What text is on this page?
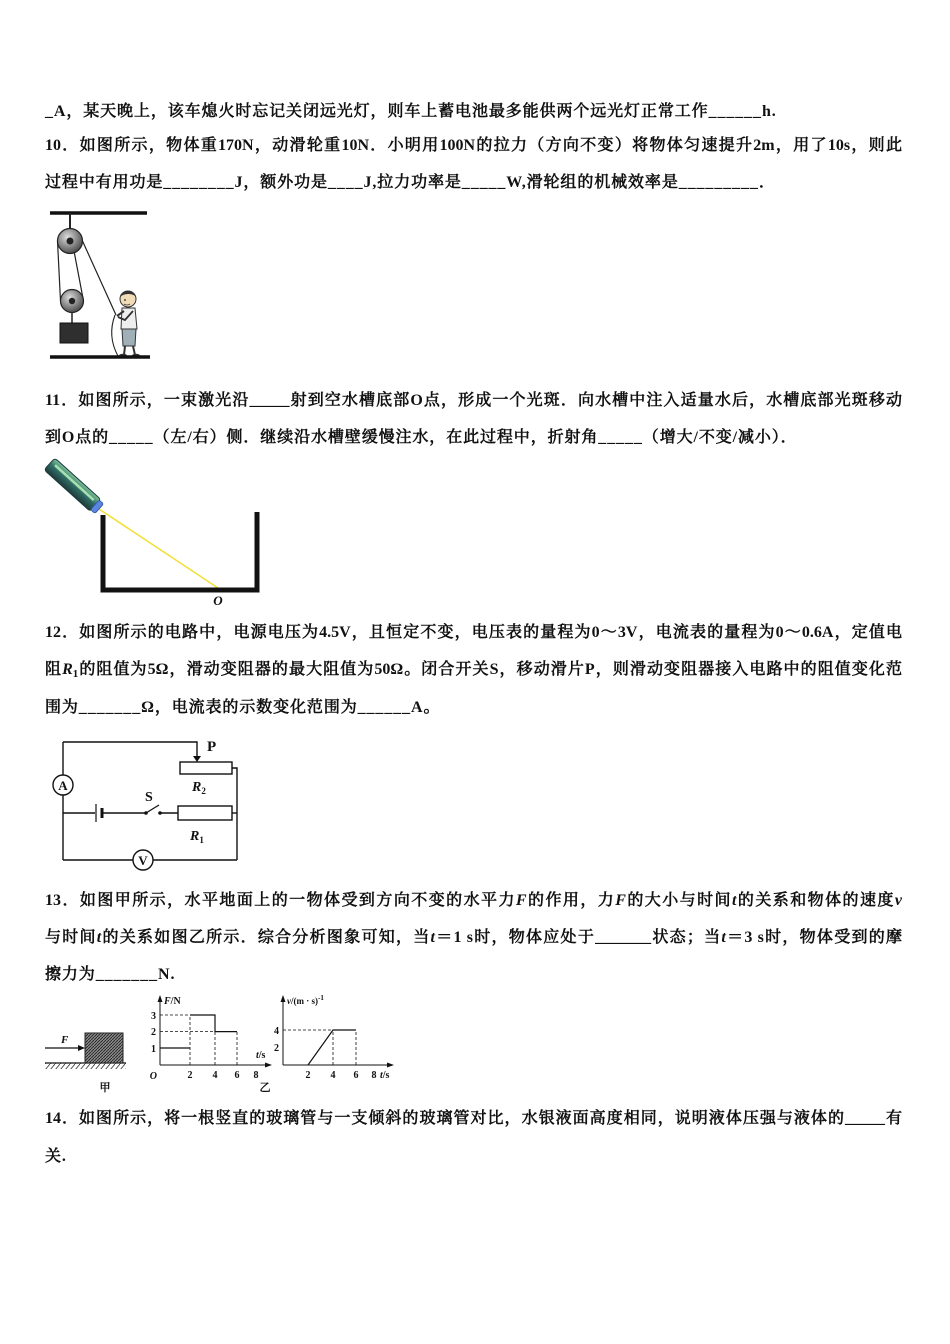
_A，某天晚上，该车熄火时忘记关闭远光灯，则车上蓄电池最多能供两个远光灯正常工作______h.
10．如图所示，物体重170N，动滑轮重10N．小明用100N的拉力（方向不变）将物体匀速提升2m，用了10s，则此
过程中有用功是________J，额外功是____J,拉力功率是_____W,滑轮组的机械效率是_________．
11．如图所示，一束激光沿_____射到空水槽底部O点，形成一个光斑．向水槽中注入适量水后，水槽底部光斑移动
到O点的_____（左/右）侧．继续沿水槽壁缓慢注水，在此过程中，折射角_____（增大/不变/减小）．
O
12．如图所示的电路中，电源电压为4.5V，且恒定不变，电压表的量程为0～3V，电流表的量程为0～0.6A，定值电
阻$R_1$的阻值为5Ω，滑动变阻器的最大阻值为50Ω。闭合开关S，移动滑片P，则滑动变阻器接入电路中的阻值变化范
围为_______Ω，电流表的示数变化范围为______A。
P
$R_2$
S
$R_1$
A
V
13．如图甲所示，水平地面上的一物体受到方向不变的水平力F的作用，力F的大小与时间t的关系和物体的速度v
与时间t的关系如图乙所示．综合分析图象可知，当t＝1 s时，物体应处于_______状态；当t＝3 s时，物体受到的摩
擦力为_______N.
F
甲
F/N
3
2
1
O	2 4 6 8
t/s
乙
$v/(m \cdot s)^{-1}$
4
2
2 4 6 8 t/s
14．如图所示，将一根竖直的玻璃管与一支倾斜的玻璃管对比，水银液面高度相同，说明液体压强与液体的_____有
关.
